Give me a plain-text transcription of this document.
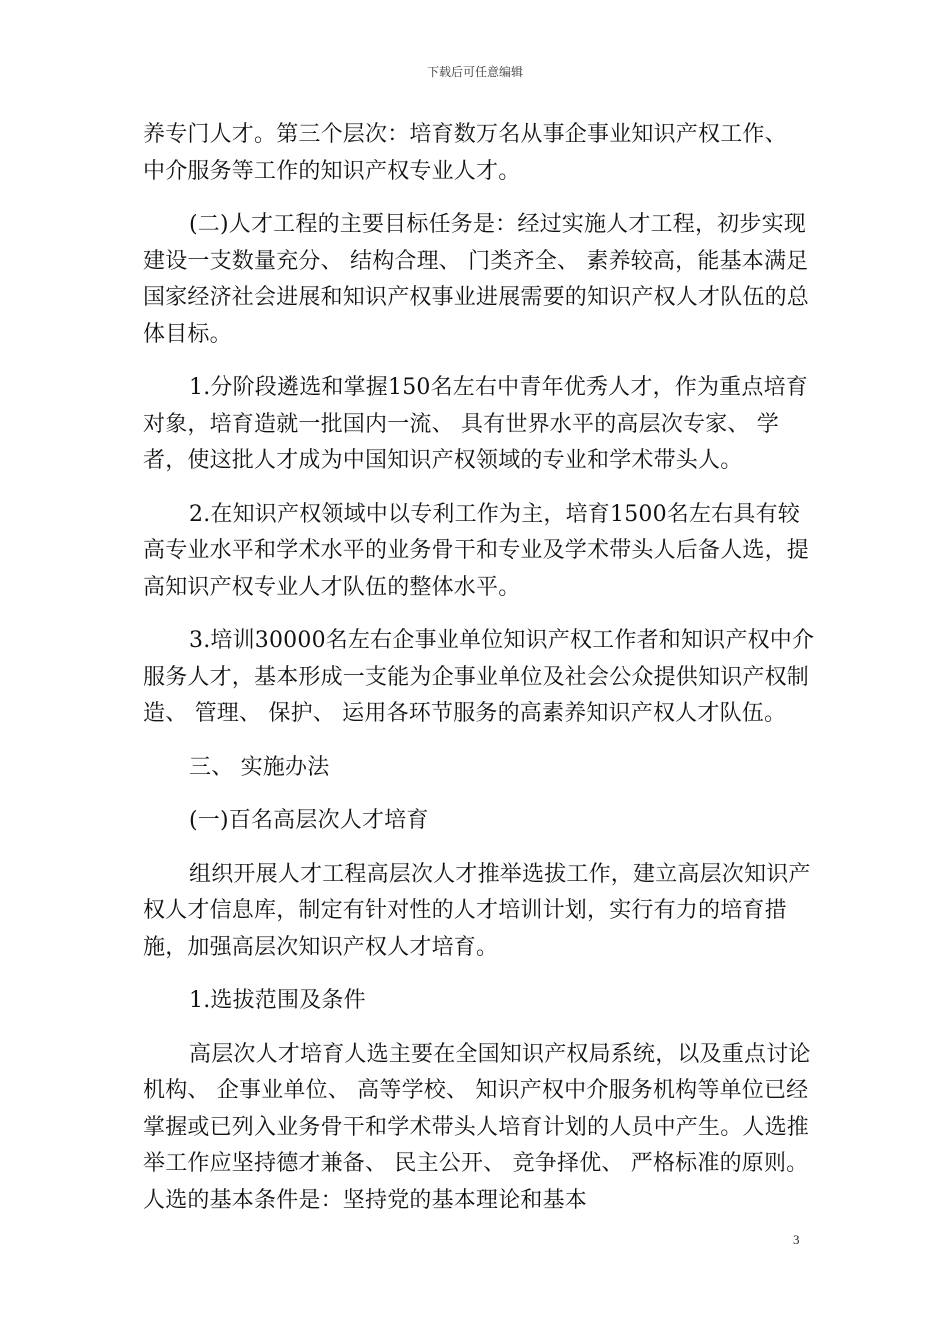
下载后可任意编辑

养专门人才。第三个层次：培育数万名从事企事业知识产权工作、 中介服务等工作的知识产权专业人才。

(二)人才工程的主要目标任务是：经过实施人才工程，初步实现建设一支数量充分、 结构合理、 门类齐全、 素养较高，能基本满足国家经济社会进展和知识产权事业进展需要的知识产权人才队伍的总体目标。

1.分阶段遴选和掌握150名左右中青年优秀人才，作为重点培育对象，培育造就一批国内一流、 具有世界水平的高层次专家、 学者，使这批人才成为中国知识产权领域的专业和学术带头人。

2.在知识产权领域中以专利工作为主，培育1500名左右具有较高专业水平和学术水平的业务骨干和专业及学术带头人后备人选，提高知识产权专业人才队伍的整体水平。

3.培训30000名左右企事业单位知识产权工作者和知识产权中介服务人才，基本形成一支能为企事业单位及社会公众提供知识产权制造、 管理、 保护、 运用各环节服务的高素养知识产权人才队伍。

三、 实施办法

(一)百名高层次人才培育

组织开展人才工程高层次人才推举选拔工作，建立高层次知识产权人才信息库，制定有针对性的人才培训计划，实行有力的培育措施，加强高层次知识产权人才培育。

1.选拔范围及条件

高层次人才培育人选主要在全国知识产权局系统，以及重点讨论机构、 企事业单位、 高等学校、 知识产权中介服务机构等单位已经掌握或已列入业务骨干和学术带头人培育计划的人员中产生。人选推举工作应坚持德才兼备、 民主公开、 竞争择优、 严格标准的原则。人选的基本条件是：坚持党的基本理论和基本

3
